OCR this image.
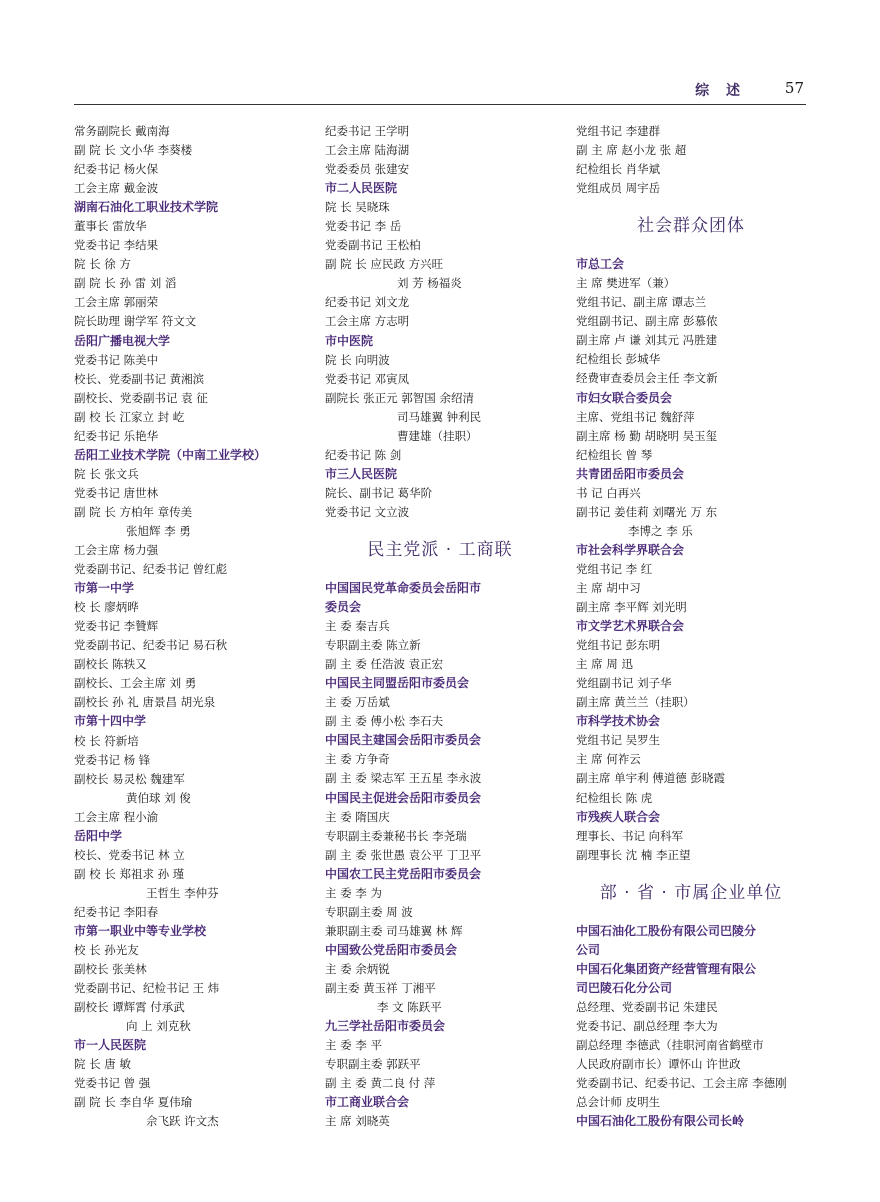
综 述	57
常务副院长 戴南海
副 院 长 文小华 李葵楼
纪委书记 杨火保
工会主席 戴金波
湖南石油化工职业技术学院
董事长 雷放华
党委书记 李结果
院 长 徐 方
副 院 长 孙 雷 刘 滔
工会主席 郭丽荣
院长助理 谢学军 符文文
岳阳广播电视大学
党委书记 陈美中
校长、党委副书记 黄湘滨
副校长、党委副书记 袁 征
副 校 长 江家立 封 屹
纪委书记 乐艳华
岳阳工业技术学院（中南工业学校）
院 长 张文兵
党委书记 唐世林
副 院 长 方柏年 章传美
张旭辉 李 勇
工会主席 杨力强
党委副书记、纪委书记 曾红彪
市第一中学
校 长 廖炳晔
党委书记 李贊辉
党委副书记、纪委书记 易石秋
副校长 陈轶又
副校长、工会主席 刘 勇
副校长 孙 礼 唐景昌 胡光泉
市第十四中学
校 长 符新培
党委书记 杨 锋
副校长 易灵松 魏建军
黄伯球 刘 俊
工会主席 程小渝
岳阳中学
校长、党委书记 林 立
副 校 长 郑祖求 孙 瑾
王哲生 李仲芬
纪委书记 李阳春
市第一职业中等专业学校
校 长 孙光友
副校长 张美林
党委副书记、纪检书记 王 炜
副校长 谭辉霄 付承武
向 上 刘克秋
市一人民医院
院 长 唐 敏
党委书记 曾 强
副 院 长 李自华 夏伟瑜
佘飞跃 许文杰
纪委书记 王学明
工会主席 陆海湖
党委委员 张建安
市二人民医院
院 长 吴晓珠
党委书记 李 岳
党委副书记 王松柏
副 院 长 应民政 方兴旺
刘 芳 杨福炎
纪委书记 刘文龙
工会主席 方志明
市中医院
院 长 向明波
党委书记 邓寅凤
副院长 张正元 郭智国 余绍清
司马雄翼 钟利民
曹建雄（挂职）
纪委书记 陈 剑
市三人民医院
院长、副书记 葛华阶
党委书记 文立波
民主党派 · 工商联
中国国民党革命委员会岳阳市
委员会
主 委 秦吉兵
专职副主委 陈立新
副 主 委 任浩波 袁正宏
中国民主同盟岳阳市委员会
主 委 万岳斌
副 主 委 傅小松 李石夫
中国民主建国会岳阳市委员会
主 委 方争奇
副 主 委 梁志军 王五星 李永波
中国民主促进会岳阳市委员会
主 委 隋国庆
专职副主委兼秘书长 李尧瑞
副 主 委 张世愚 袁公平 丁卫平
中国农工民主党岳阳市委员会
主 委 李 为
专职副主委 周 波
兼职副主委 司马雄翼 林 辉
中国致公党岳阳市委员会
主 委 余炳锐
副主委 黄玉祥 丁湘平
李 文 陈跃平
九三学社岳阳市委员会
主 委 李 平
专职副主委 郭跃平
副 主 委 黄二良 付 萍
市工商业联合会
主 席 刘晓英
党组书记 李建群
副 主 席 赵小龙 张 超
纪检组长 肖华斌
党组成员 周宇岳
社会群众团体
市总工会
主 席 樊进军（兼）
党组书记、副主席 谭志兰
党组副书记、副主席 彭慕侬
副主席 卢 谦 刘其元 冯胜建
纪检组长 彭城华
经费审查委员会主任 李文新
市妇女联合委员会
主席、党组书记 魏舒萍
副主席 杨 勤 胡晓明 吴玉玺
纪检组长 曾 琴
共青团岳阳市委员会
书 记 白再兴
副书记 姜佳莉 刘曙光 万 东
李博之 李 乐
市社会科学界联合会
党组书记 李 红
主 席 胡中习
副主席 李平辉 刘光明
市文学艺术界联合会
党组书记 彭东明
主 席 周 迅
党组副书记 刘子华
副主席 黄兰兰（挂职）
市科学技术协会
党组书记 吴罗生
主 席 何祚云
副主席 单宇利 傅道德 彭晓霞
纪检组长 陈 虎
市残疾人联合会
理事长、书记 向科军
副理事长 沈 楠 李正望
部 · 省 · 市属企业单位
中国石油化工股份有限公司巴陵分
公司
中国石化集团资产经营管理有限公
司巴陵石化分公司
总经理、党委副书记 朱建民
党委书记、副总经理 李大为
副总经理 李德武（挂职河南省鹤壁市
人民政府副市长）谭怀山 许世政
党委副书记、纪委书记、工会主席 李德刚
总会计师 皮明生
中国石油化工股份有限公司长岭
